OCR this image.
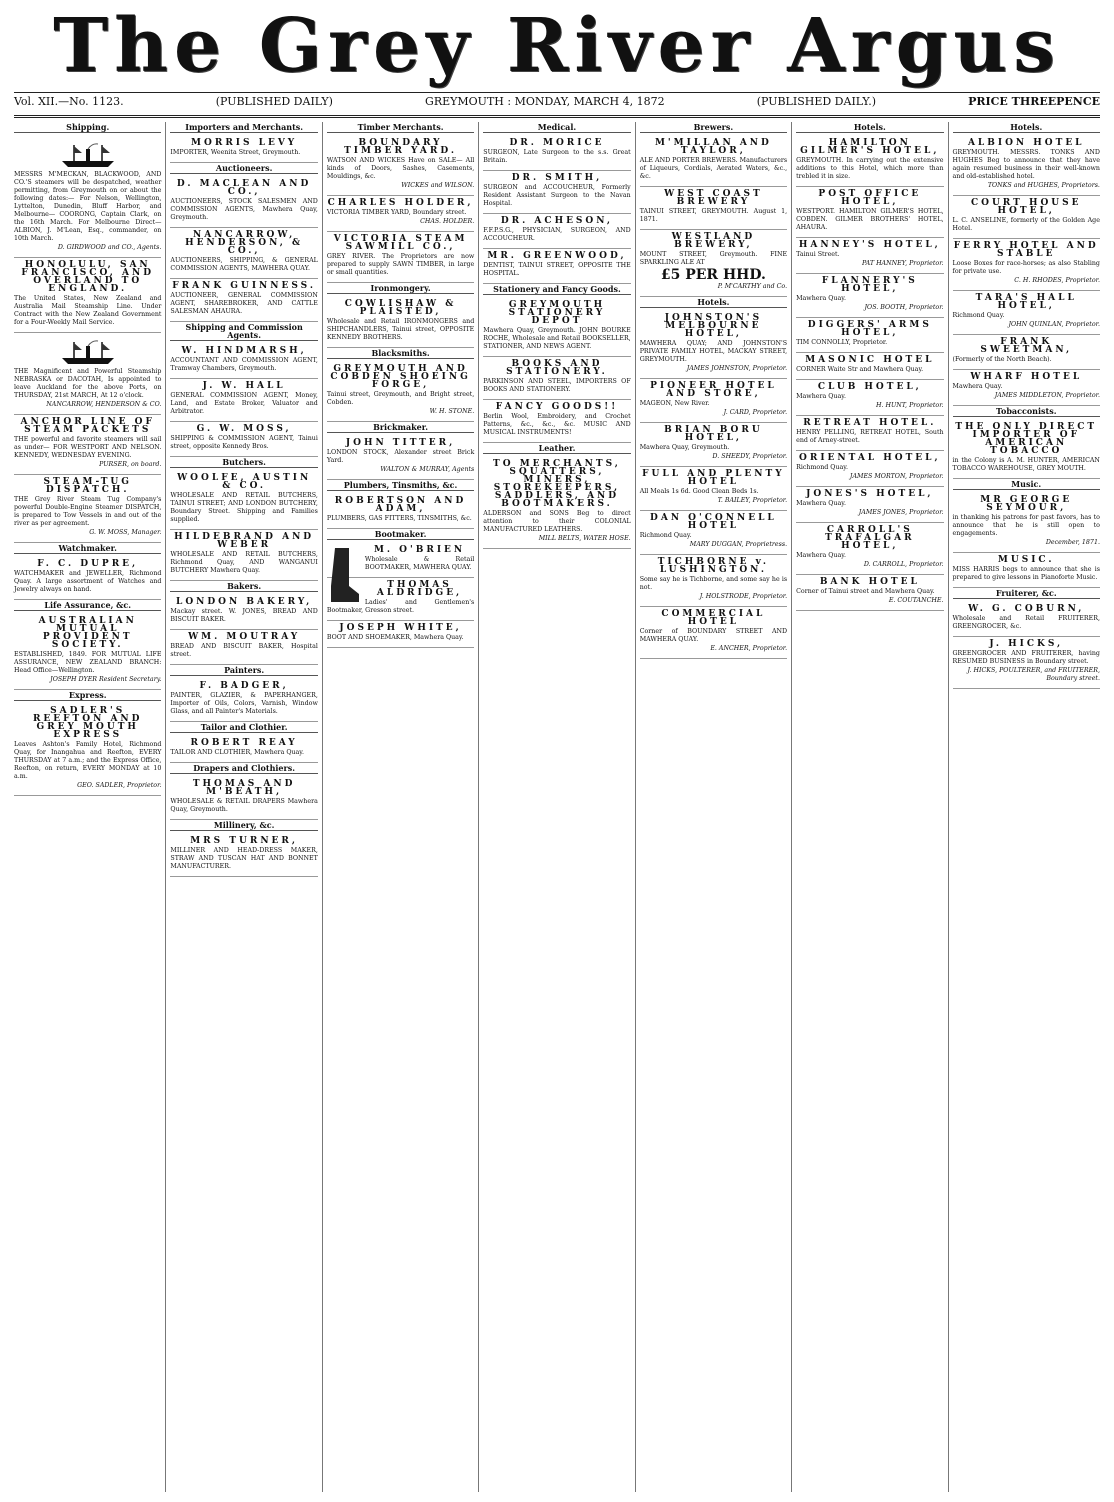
The Grey River Argus
Vol. XII.—No. 1123.	(PUBLISHED DAILY)	GREYMOUTH : MONDAY, MARCH 4, 1872	(PUBLISHED DAILY.)	PRICE THREEPENCE
Shipping.

MESSRS M'MECKAN, BLACKWOOD, AND CO.'S steamers will be despatched, weather permitting, from Greymouth on or about the following dates:— For Nelson, Wellington, Lyttelton, Dunedin, Bluff Harbor, and Melbourne— COORONG, Captain Clark, on the 16th March. For Melbourne Direct— ALBION, J. M'Lean, Esq., commander, on 10th March.

D. GIRDWOOD and CO., Agents.

HONOLULU, SAN FRANCISCO, AND OVERLAND TO ENGLAND.

The United States, New Zealand and Australia Mail Steamship Line. Under Contract with the New Zealand Government for a Four-Weekly Mail Service.

THE Magnificent and Powerful Steamship NEBRASKA or DACOTAH, Is appointed to leave Auckland for the above Ports, on THURSDAY, 21st MARCH, At 12 o'clock.

NANCARROW, HENDERSON & CO.

ANCHOR LINE OF STEAM PACKETS

THE powerful and favorite steamers will sail as under— FOR WESTPORT AND NELSON. KENNEDY, WEDNESDAY EVENING.

PURSER, on board.

STEAM-TUG DISPATCH.

THE Grey River Steam Tug Company's powerful Double-Engine Steamer DISPATCH, is prepared to Tow Vessels in and out of the river as per agreement.

G. W. MOSS, Manager.

Watchmaker.
F. C. DUPRE,

WATCHMAKER and JEWELLER, Richmond Quay. A large assortment of Watches and Jewelry always on hand.

Life Assurance, &c.
AUSTRALIAN MUTUAL PROVIDENT SOCIETY.

ESTABLISHED, 1849. FOR MUTUAL LIFE ASSURANCE, NEW ZEALAND BRANCH: Head Office—Wellington.

JOSEPH DYER Resident Secretary.

Express.
SADLER'S REEFTON AND GREY MOUTH EXPRESS

Leaves Ashton's Family Hotel, Richmond Quay, for Inangahua and Reefton, EVERY THURSDAY at 7 a.m.; and the Express Office, Reefton, on return, EVERY MONDAY at 10 a.m.

GEO. SADLER, Proprietor.

Importers and Merchants.
MORRIS LEVY

IMPORTER, Weenita Street, Greymouth.

Auctioneers.
D. MACLEAN AND CO.,

AUCTIONEERS, STOCK SALESMEN AND COMMISSION AGENTS, Mawhera Quay, Greymouth.

NANCARROW, HENDERSON, & CO.,

AUCTIONEERS, SHIPPING, & GENERAL COMMISSION AGENTS, MAWHERA QUAY.

FRANK GUINNESS.

AUCTIONEER, GENERAL COMMISSION AGENT, SHAREBROKER, AND CATTLE SALESMAN AHAURA.

Shipping and Commission Agents.
W. HINDMARSH,

ACCOUNTANT AND COMMISSION AGENT, Tramway Chambers, Greymouth.

J. W. HALL

GENERAL COMMISSION AGENT, Money, Land, and Estate Broker, Valuator and Arbitrator.

G. W. MOSS,

SHIPPING & COMMISSION AGENT, Tainui street, opposite Kennedy Bros.

Butchers.
WOOLFE, AUSTIN & CO.

WHOLESALE AND RETAIL BUTCHERS, TAINUI STREET; AND LONDON BUTCHERY, Boundary Street. Shipping and Families supplied.

HILDEBRAND AND WEBER

WHOLESALE AND RETAIL BUTCHERS, Richmond Quay, AND WANGANUI BUTCHERY Mawhera Quay.

Bakers.
LONDON BAKERY,

Mackay street. W. JONES, BREAD AND BISCUIT BAKER.

WM. MOUTRAY

BREAD AND BISCUIT BAKER, Hospital street.

Painters.
F. BADGER,

PAINTER, GLAZIER, & PAPERHANGER, Importer of Oils, Colors, Varnish, Window Glass, and all Painter's Materials.

Tailor and Clothier.
ROBERT REAY

TAILOR AND CLOTHIER, Mawhera Quay.

Drapers and Clothiers.
THOMAS AND M'BEATH,

WHOLESALE & RETAIL DRAPERS Mawhera Quay, Greymouth.

Millinery, &c.
MRS TURNER,

MILLINER AND HEAD-DRESS MAKER, STRAW AND TUSCAN HAT AND BONNET MANUFACTURER.

Timber Merchants.
BOUNDARY TIMBER YARD.

WATSON AND WICKES Have on SALE— All kinds of Doors, Sashes, Casements, Mouldings, &c.

WICKES and WILSON.

CHARLES HOLDER,

VICTORIA TIMBER YARD, Boundary street.

CHAS. HOLDER.

VICTORIA STEAM SAWMILL CO.,

GREY RIVER. The Proprietors are now prepared to supply SAWN TIMBER, in large or small quantities.

Ironmongery.
COWLISHAW & PLAISTED,

Wholesale and Retail IRONMONGERS and SHIPCHANDLERS, Tainui street, OPPOSITE KENNEDY BROTHERS.

Blacksmiths.
GREYMOUTH AND COBDEN SHOEING FORGE,

Tainui street, Greymouth, and Bright street, Cobden.

W. H. STONE.

Brickmaker.
JOHN TITTER,

LONDON STOCK, Alexander street Brick Yard.

WALTON & MURRAY, Agents

Plumbers, Tinsmiths, &c.
ROBERTSON AND ADAM,

PLUMBERS, GAS FITTERS, TINSMITHS, &c.

Bootmaker.
M. O'BRIEN

Wholesale & Retail BOOTMAKER, MAWHERA QUAY.

THOMAS ALDRIDGE,

Ladies' and Gentlemen's Bootmaker, Gresson street.

JOSEPH WHITE,

BOOT AND SHOEMAKER, Mawhera Quay.

Medical.
DR. MORICE

SURGEON, Late Surgeon to the s.s. Great Britain.

DR. SMITH,

SURGEON and ACCOUCHEUR, Formerly Resident Assistant Surgeon to the Navan Hospital.

DR. ACHESON,

F.F.P.S.G., PHYSICIAN, SURGEON, AND ACCOUCHEUR.

MR. GREENWOOD,

DENTIST, TAINUI STREET, OPPOSITE THE HOSPITAL.

Stationery and Fancy Goods.
GREYMOUTH STATIONERY DEPOT

Mawhera Quay, Greymouth. JOHN BOURKE ROCHE, Wholesale and Retail BOOKSELLER, STATIONER, AND NEWS AGENT.

BOOKS AND STATIONERY.

PARKINSON AND STEEL, IMPORTERS OF BOOKS AND STATIONERY.

FANCY GOODS!!

Berlin Wool, Embroidery, and Crochet Patterns, &c., &c., &c. MUSIC AND MUSICAL INSTRUMENTS!

Leather.
TO MERCHANTS, SQUATTERS, MINERS, STOREKEEPERS, SADDLERS, AND BOOTMAKERS.

ALDERSON and SONS Beg to direct attention to their COLONIAL MANUFACTURED LEATHERS.

MILL BELTS, WATER HOSE.

Brewers.
M'MILLAN AND TAYLOR,

ALE AND PORTER BREWERS. Manufacturers of Liqueurs, Cordials, Aerated Waters, &c., &c.

WEST COAST BREWERY

TAINUI STREET, GREYMOUTH. August 1, 1871.

WESTLAND BREWERY,

MOUNT STREET, Greymouth. FINE SPARKLING ALE AT

£5 PER HHD.

P. M'CARTHY and Co.

Hotels.
JOHNSTON'S MELBOURNE HOTEL,

MAWHERA QUAY; AND JOHNSTON'S PRIVATE FAMILY HOTEL, MACKAY STREET, GREYMOUTH.

JAMES JOHNSTON, Proprietor.

PIONEER HOTEL AND STORE,

MAGEON, New River.

J. CARD, Proprietor.

BRIAN BORU HOTEL,

Mawhera Quay, Greymouth.

D. SHEEDY, Proprietor.

FULL AND PLENTY HOTEL

All Meals 1s 6d. Good Clean Beds 1s.

T. BAILEY, Proprietor.

DAN O'CONNELL HOTEL

Richmond Quay.

MARY DUGGAN, Proprietress.

TICHBORNE v. LUSHINGTON.

Some say he is Tichborne, and some say he is not.

J. HOLSTRODE, Proprietor.

COMMERCIAL HOTEL

Corner of BOUNDARY STREET AND MAWHERA QUAY.

E. ANCHER, Proprietor.

Hotels.
HAMILTON GILMER'S HOTEL,

GREYMOUTH. In carrying out the extensive additions to this Hotel, which more than trebled it in size.

POST OFFICE HOTEL,

WESTPORT. HAMILTON GILMER'S HOTEL, COBDEN. GILMER BROTHERS' HOTEL, AHAURA.

HANNEY'S HOTEL,

Tainui Street.

PAT HANNEY, Proprietor.

FLANNERY'S HOTEL,

Mawhera Quay.

JOS. BOOTH, Proprietor.

DIGGERS' ARMS HOTEL,

TIM CONNOLLY, Proprietor.

MASONIC HOTEL

CORNER Waite Str and Mawhera Quay.

CLUB HOTEL,

Mawhera Quay.

H. HUNT, Proprietor.

RETREAT HOTEL.

HENRY PELLING, RETREAT HOTEL, South end of Arney-street.

ORIENTAL HOTEL,

Richmond Quay.

JAMES MORTON, Proprietor.

JONES'S HOTEL,

Mawhera Quay.

JAMES JONES, Proprietor.

CARROLL'S TRAFALGAR HOTEL,

Mawhera Quay.

D. CARROLL, Proprietor.

BANK HOTEL

Corner of Tainui street and Mawhera Quay.

E. COUTANCHE.

Hotels.
ALBION HOTEL

GREYMOUTH. MESSRS. TONKS AND HUGHES Beg to announce that they have again resumed business in their well-known and old-established hotel.

TONKS and HUGHES, Proprietors.

COURT HOUSE HOTEL,

L. C. ANSELINE, formerly of the Golden Age Hotel.

FERRY HOTEL AND STABLE

Loose Boxes for race-horses; as also Stabling for private use.

C. H. RHODES, Proprietor.

TARA'S HALL HOTEL,

Richmond Quay.

JOHN QUINLAN, Proprietor.

FRANK SWEETMAN,

(Formerly of the North Beach).

WHARF HOTEL

Mawhera Quay.

JAMES MIDDLETON, Proprietor.

Tobacconists.
THE ONLY DIRECT IMPORTER OF AMERICAN TOBACCO

in the Colony is A. M. HUNTER, AMERICAN TOBACCO WAREHOUSE, GREY MOUTH.

Music.
MR GEORGE SEYMOUR,

in thanking his patrons for past favors, has to announce that he is still open to engagements.

December, 1871.

MUSIC.

MISS HARRIS begs to announce that she is prepared to give lessons in Pianoforte Music.

Fruiterer, &c.
W. G. COBURN,

Wholesale and Retail FRUITERER, GREENGROCER, &c.

J. HICKS,

GREENGROCER AND FRUITERER, having RESUMED BUSINESS in Boundary street.

J. HICKS, POULTERER, and FRUITERER, Boundary street.
